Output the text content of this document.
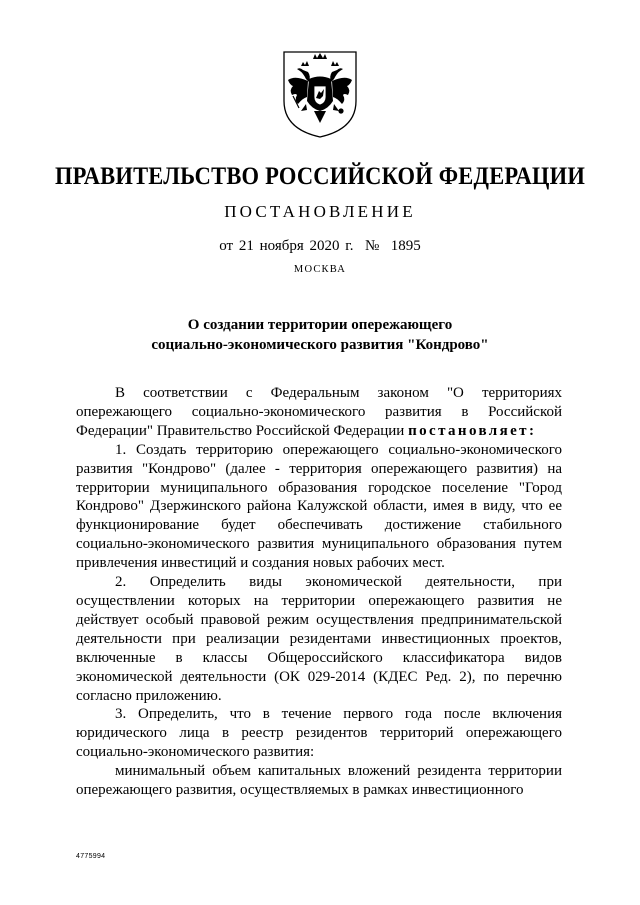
ПРАВИТЕЛЬСТВО РОССИЙСКОЙ ФЕДЕРАЦИИ
ПОСТАНОВЛЕНИЕ
от 21 ноября 2020 г. № 1895
МОСКВА
О создании территории опережающего
социально-экономического развития "Кондрово"

В соответствии с Федеральным законом "О территориях опережающего социально-экономического развития в Российской Федерации" Правительство Российской Федерации постановляет:

1. Создать территорию опережающего социально-экономического развития "Кондрово" (далее - территория опережающего развития) на территории муниципального образования городское поселение "Город Кондрово" Дзержинского района Калужской области, имея в виду, что ее функционирование будет обеспечивать достижение стабильного социально-экономического развития муниципального образования путем привлечения инвестиций и создания новых рабочих мест.

2. Определить виды экономической деятельности, при осуществлении которых на территории опережающего развития не действует особый правовой режим осуществления предпринимательской деятельности при реализации резидентами инвестиционных проектов, включенные в классы Общероссийского классификатора видов экономической деятельности (ОК 029-2014 (КДЕС Ред. 2), по перечню согласно приложению.

3. Определить, что в течение первого года после включения юридического лица в реестр резидентов территорий опережающего социально-экономического развития:

минимальный объем капитальных вложений резидента территории опережающего развития, осуществляемых в рамках инвестиционного

4775994
